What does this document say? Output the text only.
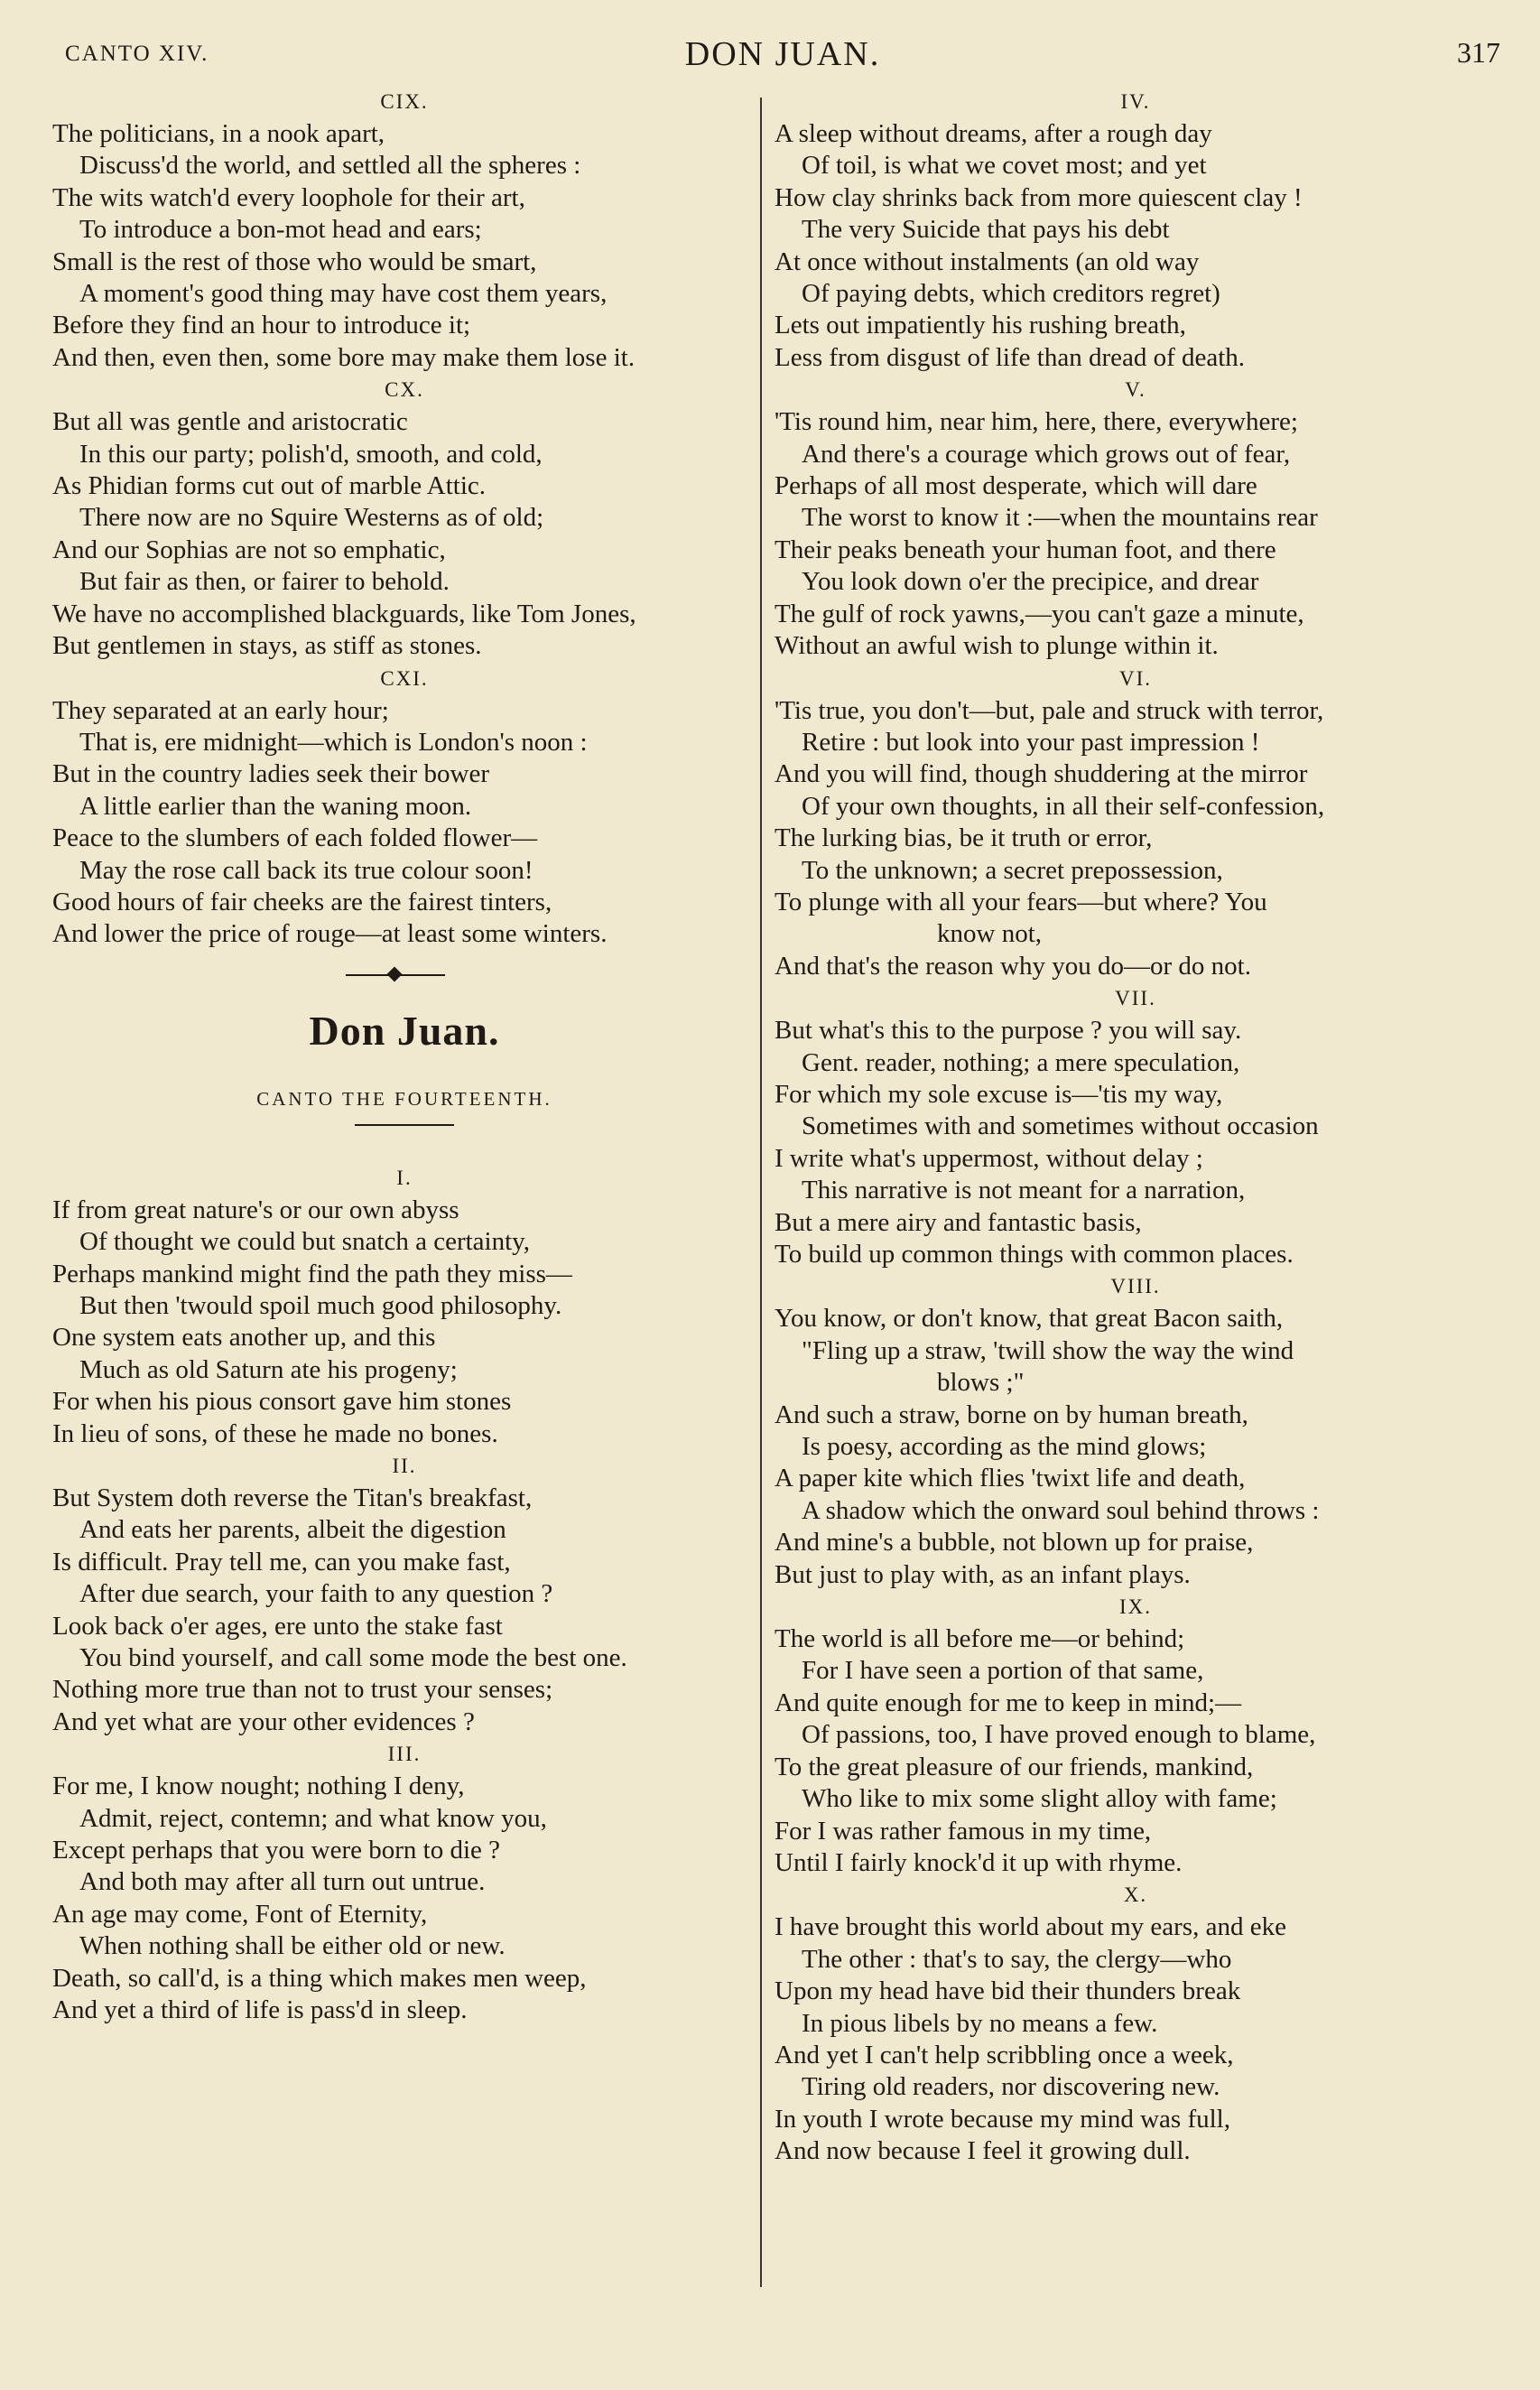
CANTO XIV.	DON JUAN.	317
CIX.
The politicians, in a nook apart,
Discuss'd the world, and settled all the spheres :
The wits watch'd every loophole for their art,
To introduce a bon-mot head and ears;
Small is the rest of those who would be smart,
A moment's good thing may have cost them years,
Before they find an hour to introduce it;
And then, even then, some bore may make them lose it.
CX.
But all was gentle and aristocratic
In this our party; polish'd, smooth, and cold,
As Phidian forms cut out of marble Attic.
There now are no Squire Westerns as of old;
And our Sophias are not so emphatic,
But fair as then, or fairer to behold.
We have no accomplished blackguards, like Tom Jones,
But gentlemen in stays, as stiff as stones.
CXI.
They separated at an early hour;
That is, ere midnight—which is London's noon :
But in the country ladies seek their bower
A little earlier than the waning moon.
Peace to the slumbers of each folded flower—
May the rose call back its true colour soon!
Good hours of fair cheeks are the fairest tinters,
And lower the price of rouge—at least some winters.
Don Juan.
CANTO THE FOURTEENTH.
I.
If from great nature's or our own abyss
Of thought we could but snatch a certainty,
Perhaps mankind might find the path they miss—
But then 'twould spoil much good philosophy.
One system eats another up, and this
Much as old Saturn ate his progeny;
For when his pious consort gave him stones
In lieu of sons, of these he made no bones.
II.
But System doth reverse the Titan's breakfast,
And eats her parents, albeit the digestion
Is difficult. Pray tell me, can you make fast,
After due search, your faith to any question ?
Look back o'er ages, ere unto the stake fast
You bind yourself, and call some mode the best one.
Nothing more true than not to trust your senses;
And yet what are your other evidences ?
III.
For me, I know nought; nothing I deny,
Admit, reject, contemn; and what know you,
Except perhaps that you were born to die ?
And both may after all turn out untrue.
An age may come, Font of Eternity,
When nothing shall be either old or new.
Death, so call'd, is a thing which makes men weep,
And yet a third of life is pass'd in sleep.
IV.
A sleep without dreams, after a rough day
Of toil, is what we covet most; and yet
How clay shrinks back from more quiescent clay !
The very Suicide that pays his debt
At once without instalments (an old way
Of paying debts, which creditors regret)
Lets out impatiently his rushing breath,
Less from disgust of life than dread of death.
V.
'Tis round him, near him, here, there, everywhere;
And there's a courage which grows out of fear,
Perhaps of all most desperate, which will dare
The worst to know it :—when the mountains rear
Their peaks beneath your human foot, and there
You look down o'er the precipice, and drear
The gulf of rock yawns,—you can't gaze a minute,
Without an awful wish to plunge within it.
VI.
'Tis true, you don't—but, pale and struck with terror,
Retire : but look into your past impression !
And you will find, though shuddering at the mirror
Of your own thoughts, in all their self-confession,
The lurking bias, be it truth or error,
To the unknown; a secret prepossession,
To plunge with all your fears—but where? You
know not,
And that's the reason why you do—or do not.
VII.
But what's this to the purpose ? you will say.
Gent. reader, nothing; a mere speculation,
For which my sole excuse is—'tis my way,
Sometimes with and sometimes without occasion
I write what's uppermost, without delay ;
This narrative is not meant for a narration,
But a mere airy and fantastic basis,
To build up common things with common places.
VIII.
You know, or don't know, that great Bacon saith,
"Fling up a straw, 'twill show the way the wind
blows ;"
And such a straw, borne on by human breath,
Is poesy, according as the mind glows;
A paper kite which flies 'twixt life and death,
A shadow which the onward soul behind throws :
And mine's a bubble, not blown up for praise,
But just to play with, as an infant plays.
IX.
The world is all before me—or behind;
For I have seen a portion of that same,
And quite enough for me to keep in mind;—
Of passions, too, I have proved enough to blame,
To the great pleasure of our friends, mankind,
Who like to mix some slight alloy with fame;
For I was rather famous in my time,
Until I fairly knock'd it up with rhyme.
X.
I have brought this world about my ears, and eke
The other : that's to say, the clergy—who
Upon my head have bid their thunders break
In pious libels by no means a few.
And yet I can't help scribbling once a week,
Tiring old readers, nor discovering new.
In youth I wrote because my mind was full,
And now because I feel it growing dull.
